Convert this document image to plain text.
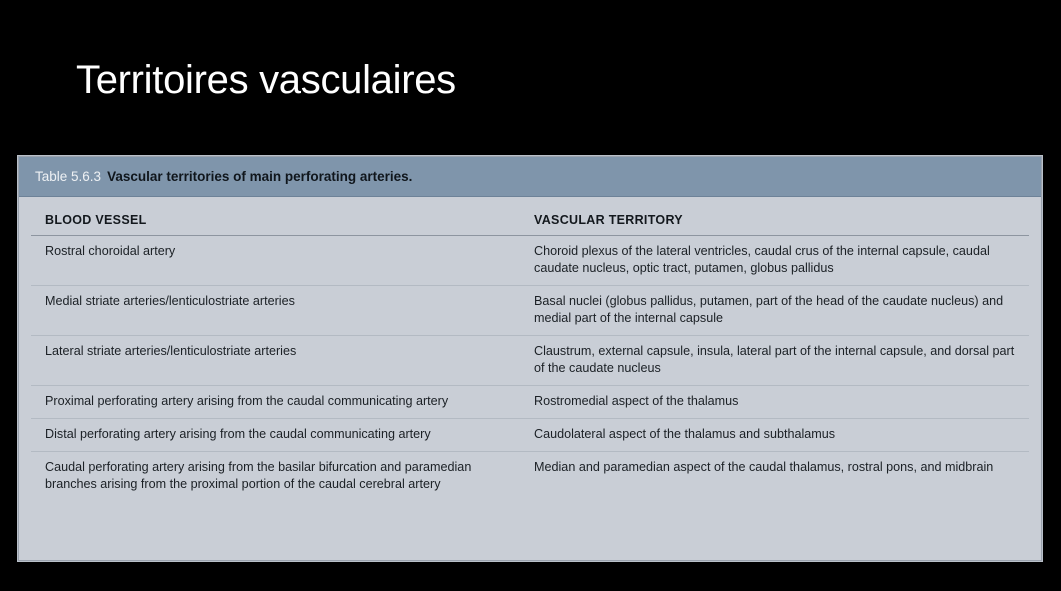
Territoires vasculaires
Table 5.6.3 Vascular territories of main perforating arteries.
BLOOD VESSEL	VASCULAR TERRITORY
Rostral choroidal artery	Choroid plexus of the lateral ventricles, caudal crus of the internal capsule, caudal caudate nucleus, optic tract, putamen, globus pallidus
Medial striate arteries/lenticulostriate arteries	Basal nuclei (globus pallidus, putamen, part of the head of the caudate nucleus) and medial part of the internal capsule
Lateral striate arteries/lenticulostriate arteries	Claustrum, external capsule, insula, lateral part of the internal capsule, and dorsal part of the caudate nucleus
Proximal perforating artery arising from the caudal communicating artery	Rostromedial aspect of the thalamus
Distal perforating artery arising from the caudal communicating artery	Caudolateral aspect of the thalamus and subthalamus
Caudal perforating artery arising from the basilar bifurcation and paramedian branches arising from the proximal portion of the caudal cerebral artery	Median and paramedian aspect of the caudal thalamus, rostral pons, and midbrain
